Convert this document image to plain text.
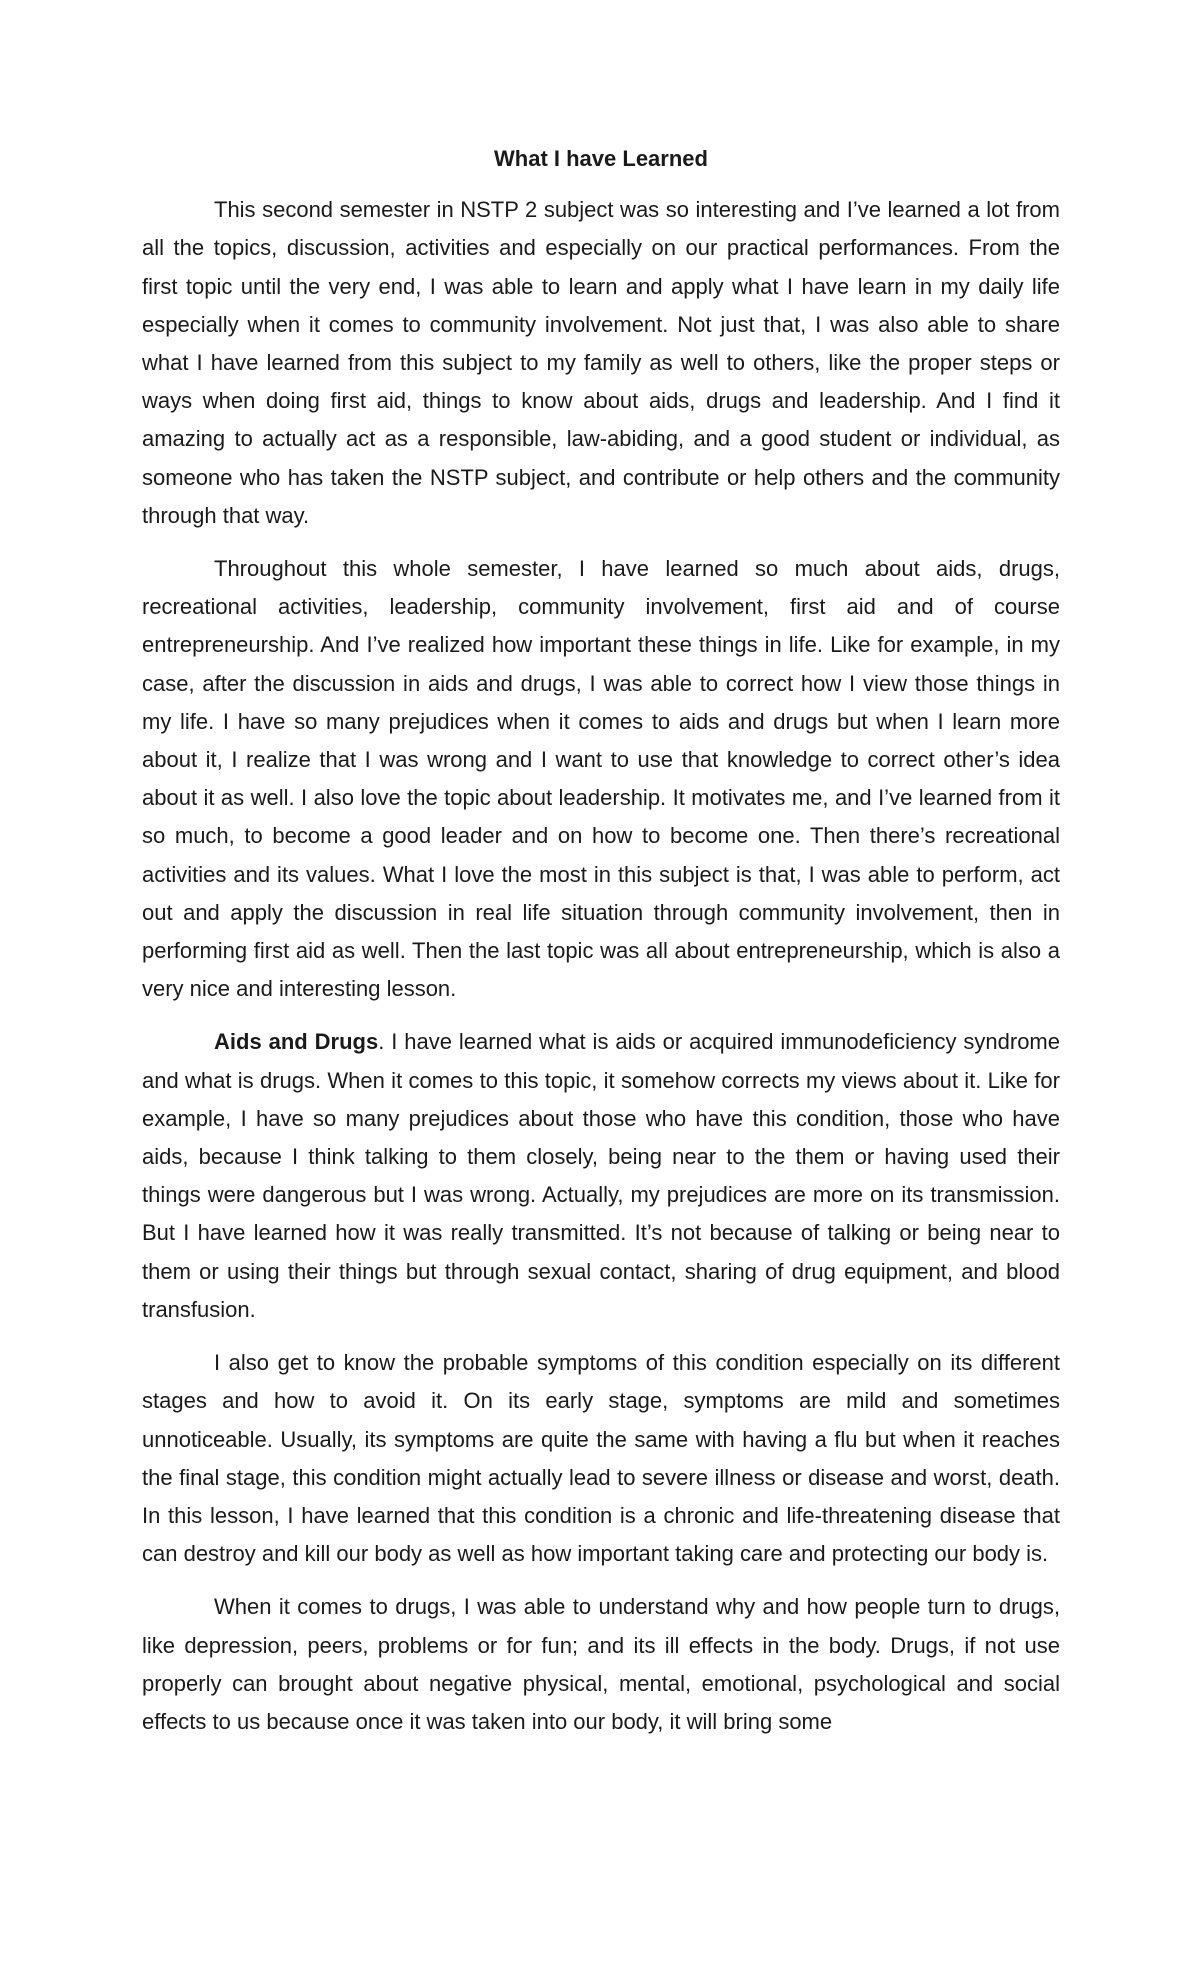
What I have Learned

This second semester in NSTP 2 subject was so interesting and I’ve learned a lot from all the topics, discussion, activities and especially on our practical performances. From the first topic until the very end, I was able to learn and apply what I have learn in my daily life especially when it comes to community involvement. Not just that, I was also able to share what I have learned from this subject to my family as well to others, like the proper steps or ways when doing first aid, things to know about aids, drugs and leadership. And I find it amazing to actually act as a responsible, law-abiding, and a good student or individual, as someone who has taken the NSTP subject, and contribute or help others and the community through that way.

Throughout this whole semester, I have learned so much about aids, drugs, recreational activities, leadership, community involvement, first aid and of course entrepreneurship. And I’ve realized how important these things in life. Like for example, in my case, after the discussion in aids and drugs, I was able to correct how I view those things in my life. I have so many prejudices when it comes to aids and drugs but when I learn more about it, I realize that I was wrong and I want to use that knowledge to correct other’s idea about it as well. I also love the topic about leadership. It motivates me, and I’ve learned from it so much, to become a good leader and on how to become one. Then there’s recreational activities and its values. What I love the most in this subject is that, I was able to perform, act out and apply the discussion in real life situation through community involvement, then in performing first aid as well. Then the last topic was all about entrepreneurship, which is also a very nice and interesting lesson.

Aids and Drugs. I have learned what is aids or acquired immunodeficiency syndrome and what is drugs. When it comes to this topic, it somehow corrects my views about it. Like for example, I have so many prejudices about those who have this condition, those who have aids, because I think talking to them closely, being near to the them or having used their things were dangerous but I was wrong. Actually, my prejudices are more on its transmission. But I have learned how it was really transmitted. It’s not because of talking or being near to them or using their things but through sexual contact, sharing of drug equipment, and blood transfusion.

I also get to know the probable symptoms of this condition especially on its different stages and how to avoid it. On its early stage, symptoms are mild and sometimes unnoticeable. Usually, its symptoms are quite the same with having a flu but when it reaches the final stage, this condition might actually lead to severe illness or disease and worst, death. In this lesson, I have learned that this condition is a chronic and life-threatening disease that can destroy and kill our body as well as how important taking care and protecting our body is.

When it comes to drugs, I was able to understand why and how people turn to drugs, like depression, peers, problems or for fun; and its ill effects in the body. Drugs, if not use properly can brought about negative physical, mental, emotional, psychological and social effects to us because once it was taken into our body, it will bring some
